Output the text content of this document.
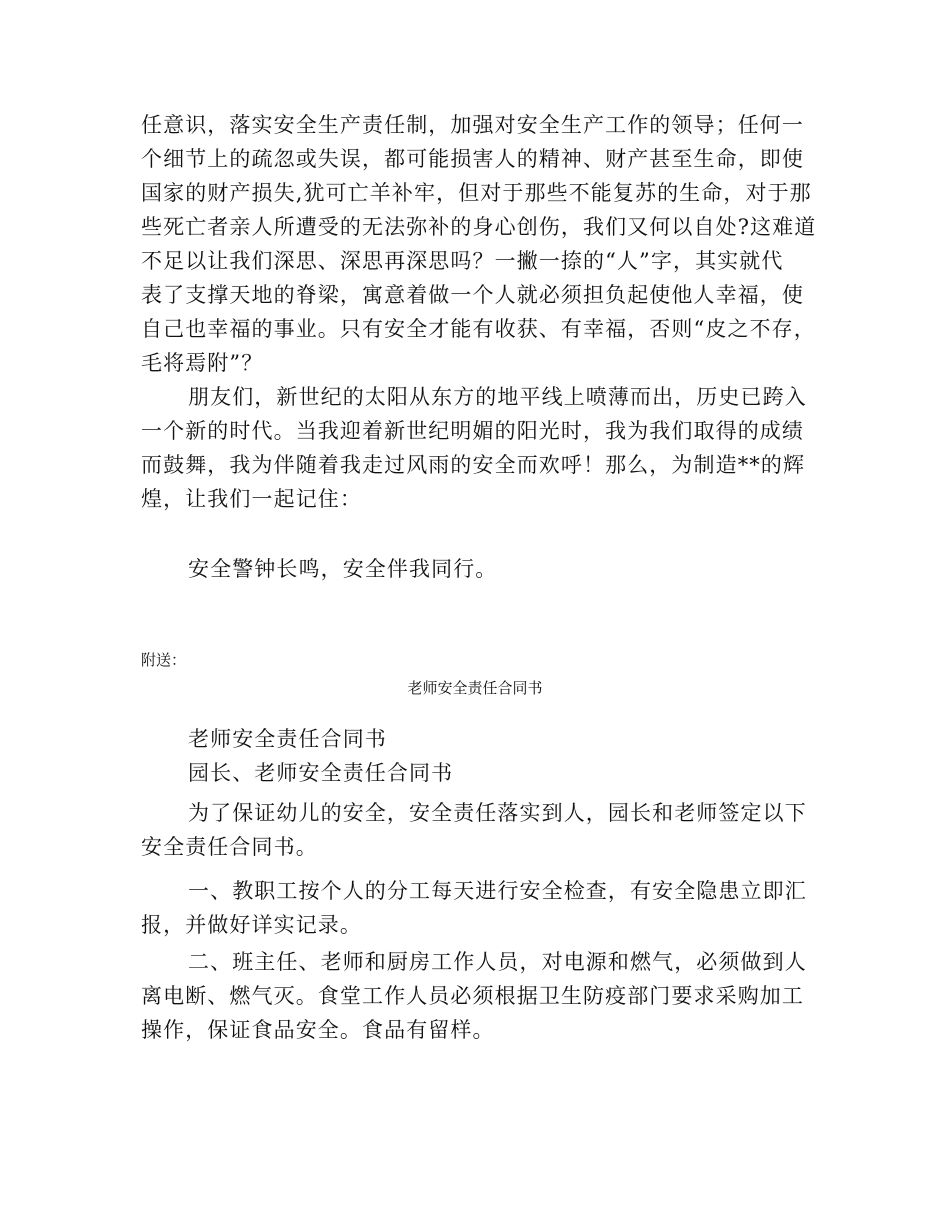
任意识，落实安全生产责任制，加强对安全生产工作的领导；任何一
个细节上的疏忽或失误，都可能损害人的精神、财产甚至生命，即使
国家的财产损失,犹可亡羊补牢，但对于那些不能复苏的生命，对于那
些死亡者亲人所遭受的无法弥补的身心创伤，我们又何以自处?这难道
不足以让我们深思、深思再深思吗？一撇一捺的“人”字，其实就代
表了支撑天地的脊梁，寓意着做一个人就必须担负起使他人幸福，使
自己也幸福的事业。只有安全才能有收获、有幸福，否则“皮之不存，
毛将焉附”？
朋友们，新世纪的太阳从东方的地平线上喷薄而出，历史已跨入
一个新的时代。当我迎着新世纪明媚的阳光时，我为我们取得的成绩
而鼓舞，我为伴随着我走过风雨的安全而欢呼！那么，为制造**的辉
煌，让我们一起记住：
安全警钟长鸣，安全伴我同行。
附送：
老师安全责任合同书
老师安全责任合同书
园长、老师安全责任合同书
为了保证幼儿的安全，安全责任落实到人，园长和老师签定以下
安全责任合同书。
一、教职工按个人的分工每天进行安全检查，有安全隐患立即汇
报，并做好详实记录。
二、班主任、老师和厨房工作人员，对电源和燃气，必须做到人
离电断、燃气灭。食堂工作人员必须根据卫生防疫部门要求采购加工
操作，保证食品安全。食品有留样。
